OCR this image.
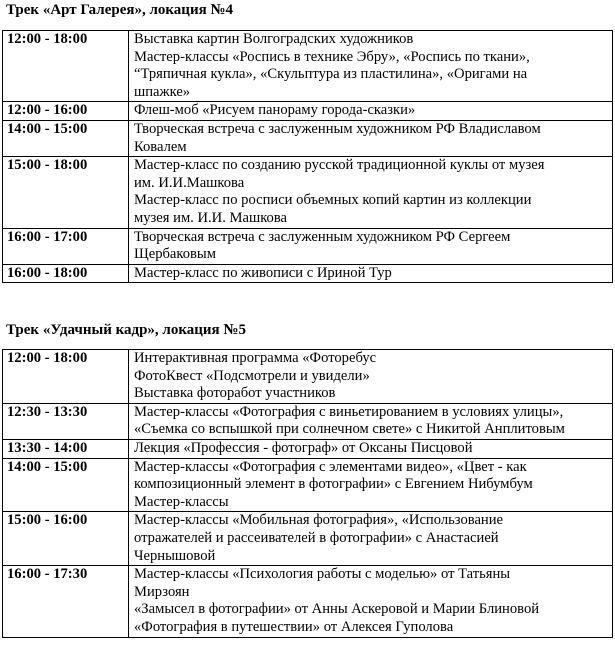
Трек «Арт Галерея», локация №4
12:00 - 18:00	Выставка картин Волгоградских художников
Мастер-классы «Роспись в технике Эбру», «Роспись по ткани»,
“Тряпичная кукла», «Скульптура из пластилина», «Оригами на
шпажке»

12:00 - 16:00	Флеш-моб «Рисуем панораму города-сказки»

14:00 - 15:00	Творческая встреча с заслуженным художником РФ Владиславом
Ковалем

15:00 - 18:00	Мастер-класс по созданию русской традиционной куклы от музея
им. И.И.Машкова
Мастер-класс по росписи объемных копий картин из коллекции
музея им. И.И. Машкова

16:00 - 17:00	Творческая встреча с заслуженным художником РФ Сергеем
Щербаковым

16:00 - 18:00	Мастер-класс по живописи с Ириной Тур
Трек «Удачный кадр», локация №5
12:00 - 18:00	Интерактивная программа «Фоторебус
ФотоКвест «Подсмотрели и увидели»
Выставка фоторабот участников

12:30 - 13:30	Мастер-классы «Фотография с виньетированием в условиях улицы»,
«Съемка со вспышкой при солнечном свете» с Никитой Анплитовым

13:30 - 14:00	Лекция «Профессия - фотограф» от Оксаны Писцовой

14:00 - 15:00	Мастер-классы «Фотография с элементами видео», «Цвет - как
композиционный элемент в фотографии» с Евгением Нибумбум
Мастер-классы

15:00 - 16:00	Мастер-классы «Мобильная фотография», «Использование
отражателей и рассеивателей в фотографии» с Анастасией
Чернышовой

16:00 - 17:30	Мастер-классы «Психология работы с моделью» от Татьяны
Мирзоян
«Замысел в фотографии» от Анны Аскеровой и Марии Блиновой
«Фотография в путешествии» от Алексея Гуполова
